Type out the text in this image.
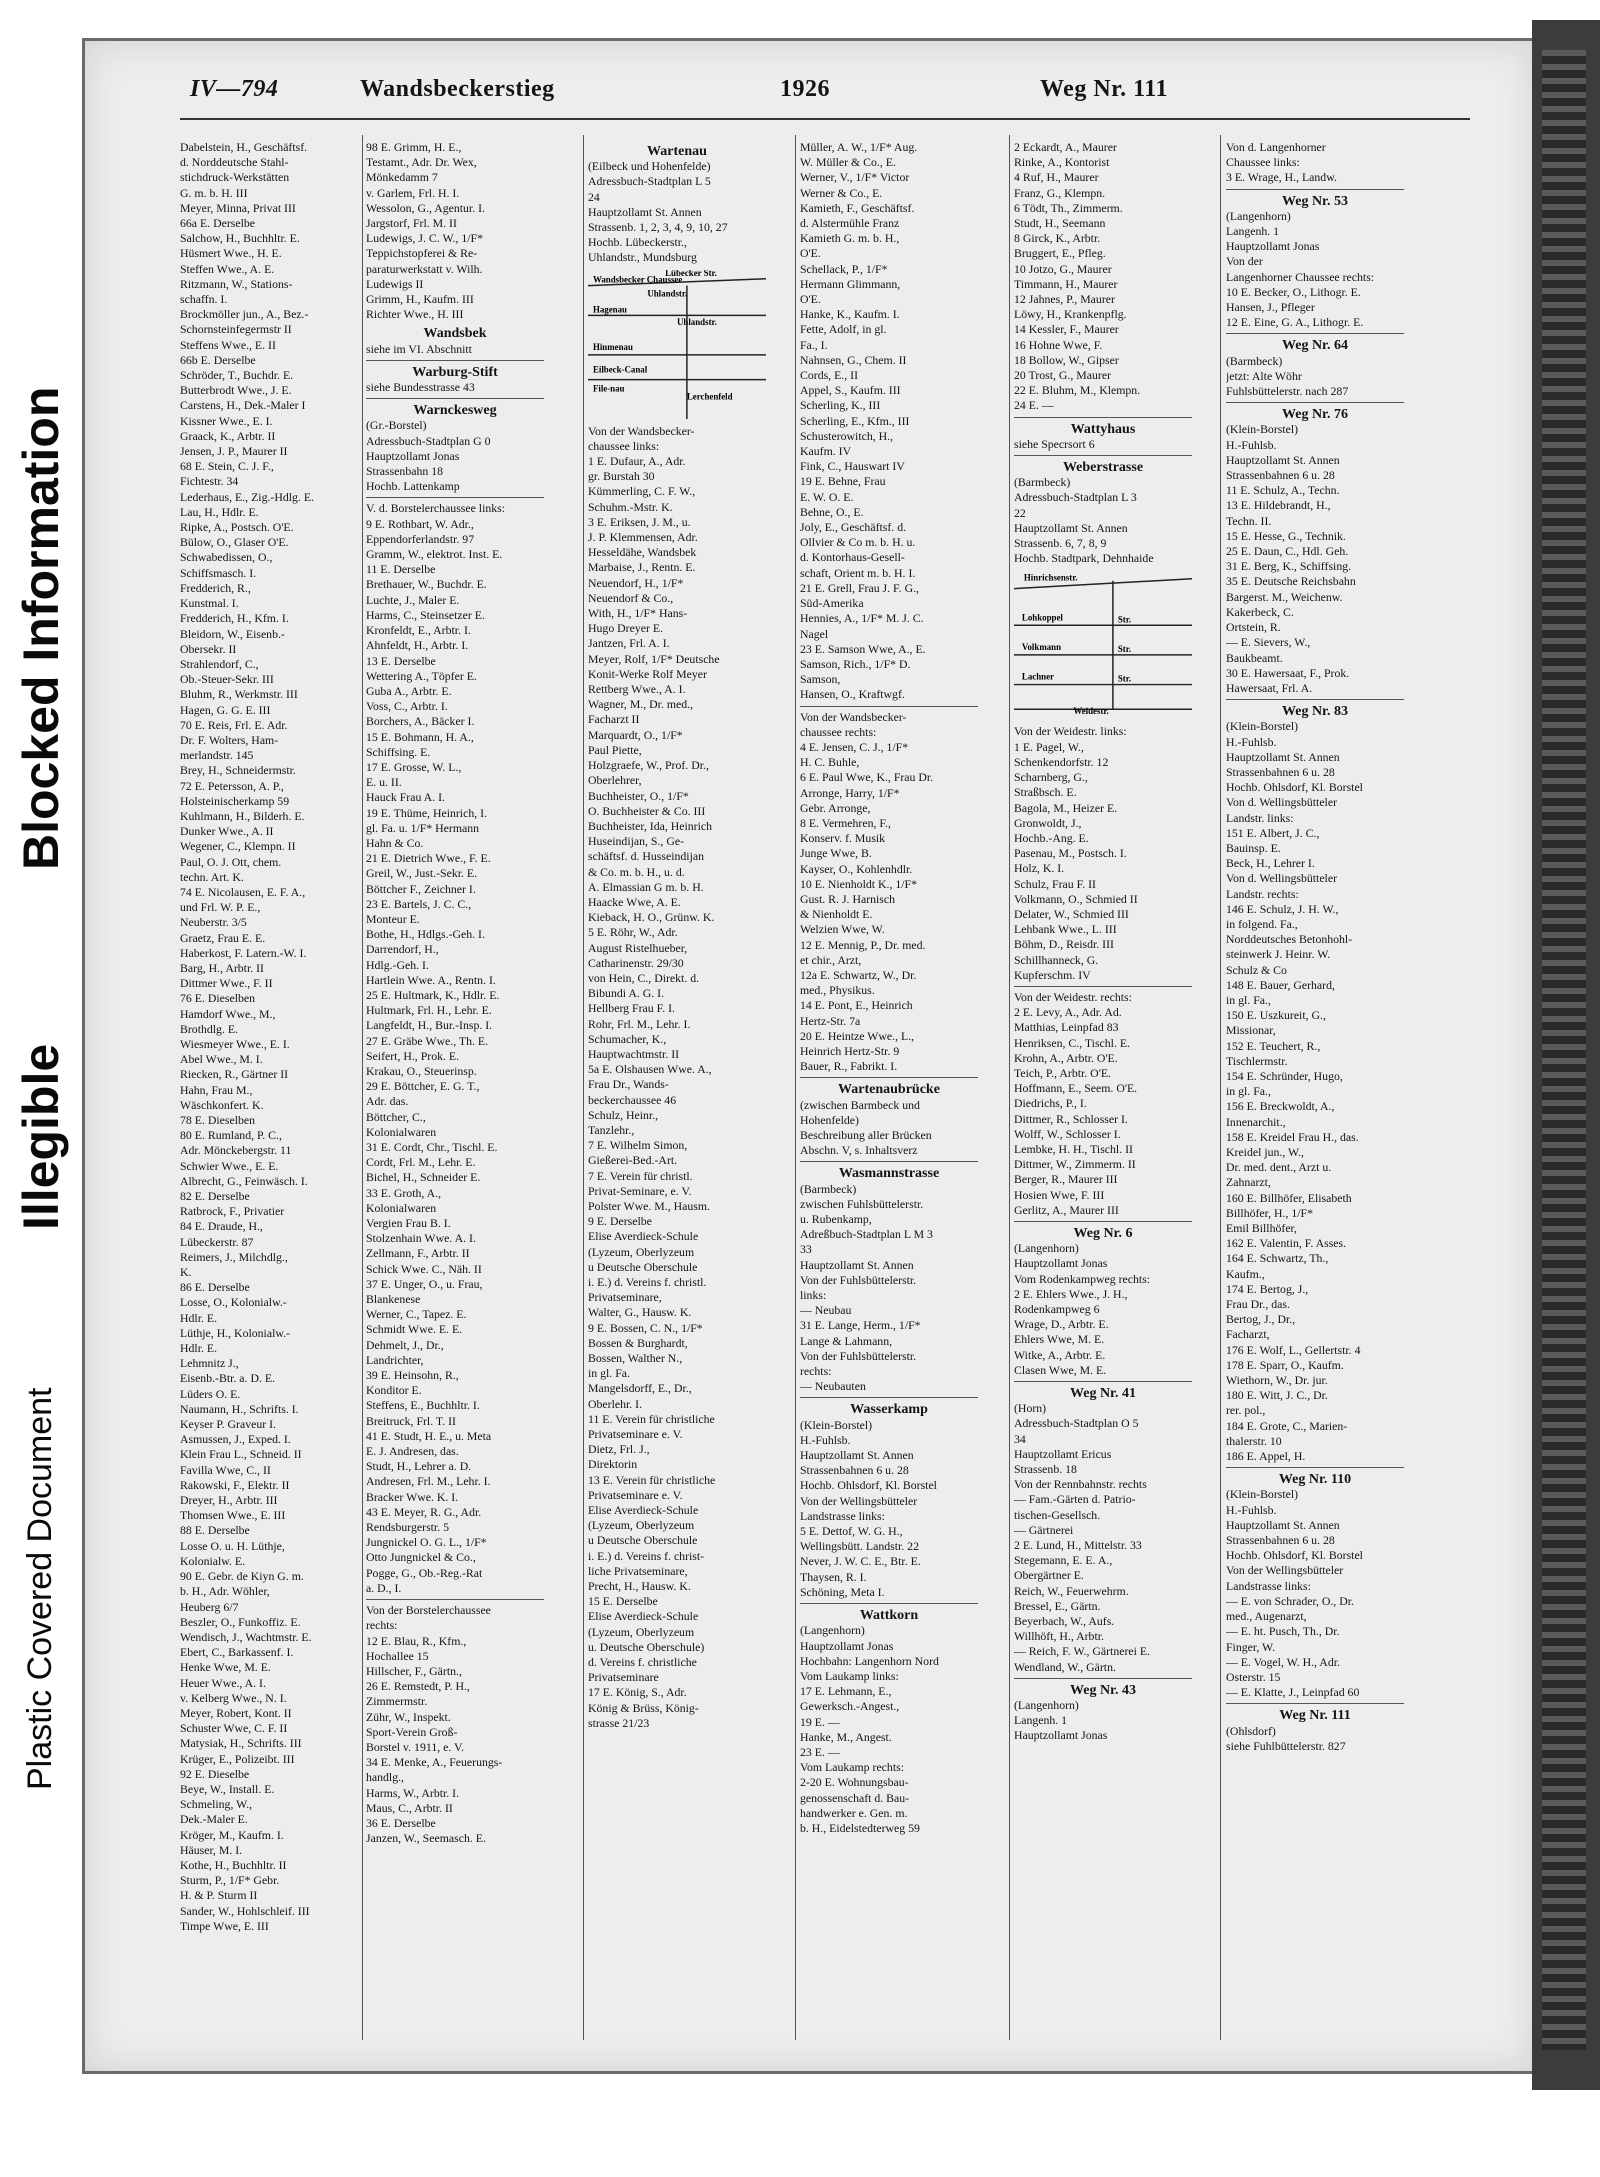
Blocked Information
Illegible
Plastic Covered Document
IV—794	Wandsbeckerstieg	1926	Weg Nr. 111
Dabelstein, H., Geschäftsf.
d. Norddeutsche Stahl-
stichdruck-Werkstätten
G. m. b. H. III
Meyer, Minna, Privat III
66a E. Derselbe
Salchow, H., Buchhltr. E.
Hüsmert Wwe., H. E.
Steffen Wwe., A. E.
Ritzmann, W., Stations-
schaffn. I.
Brockmöller jun., A., Bez.-
Schornsteinfegermstr II
Steffens Wwe., E. II
66b E. Derselbe
Schröder, T., Buchdr. E.
Butterbrodt Wwe., J. E.
Carstens, H., Dek.-Maler I
Kissner Wwe., E. I.
Graack, K., Arbtr. II
Jensen, J. P., Maurer II
68 E. Stein, C. J. F.,
Fichtestr. 34
Lederhaus, E., Zig.-Hdlg. E.
Lau, H., Hdlr. E.
Ripke, A., Postsch. O'E.
Bülow, O., Glaser O'E.
Schwabedissen, O.,
Schiffsmasch. I.
Fredderich, R.,
Kunstmal. I.
Fredderich, H., Kfm. I.
Bleidorn, W., Eisenb.-
Obersekr. II
Strahlendorf, C.,
Ob.-Steuer-Sekr. III
Bluhm, R., Werkmstr. III
Hagen, G. G. E. III
70 E. Reis, Frl. E. Adr.
Dr. F. Wolters, Ham-
merlandstr. 145
Brey, H., Schneidermstr.
72 E. Petersson, A. P.,
Holsteinischerkamp 59
Kuhlmann, H., Bilderh. E.
Dunker Wwe., A. II
Wegener, C., Klempn. II
Paul, O. J. Ott, chem.
techn. Art. K.
74 E. Nicolausen, E. F. A.,
und Frl. W. P. E.,
Neuberstr. 3/5
Graetz, Frau E. E.
Haberkost, F. Latern.-W. I.
Barg, H., Arbtr. II
Dittmer Wwe., F. II
76 E. Dieselben
Hamdorf Wwe., M.,
Brothdlg. E.
Wiesmeyer Wwe., E. I.
Abel Wwe., M. I.
Riecken, R., Gärtner II
Hahn, Frau M.,
Wäschkonfert. K.
78 E. Dieselben
80 E. Rumland, P. C.,
Adr. Mönckebergstr. 11
Schwier Wwe., E. E.
Albrecht, G., Feinwäsch. I.
82 E. Derselbe
Ratbrock, F., Privatier
84 E. Draude, H.,
Lübeckerstr. 87
Reimers, J., Milchdlg.,
K.
86 E. Derselbe
Losse, O., Kolonialw.-
Hdlr. E.
Lüthje, H., Kolonialw.-
Hdlr. E.
Lehmnitz J.,
Eisenb.-Btr. a. D. E.
Lüders O. E.
Naumann, H., Schrifts. I.
Keyser P. Graveur I.
Asmussen, J., Exped. I.
Klein Frau L., Schneid. II
Favilla Wwe, C., II
Rakowski, F., Elektr. II
Dreyer, H., Arbtr. III
Thomsen Wwe., E. III
88 E. Derselbe
Losse O. u. H. Lüthje,
Kolonialw. E.
90 E. Gebr. de Kiyn G. m.
b. H., Adr. Wöhler,
Heuberg 6/7
Beszler, O., Funkoffiz. E.
Wendisch, J., Wachtmstr. E.
Ebert, C., Barkassenf. I.
Henke Wwe, M. E.
Heuer Wwe., A. I.
v. Kelberg Wwe., N. I.
Meyer, Robert, Kont. II
Schuster Wwe, C. F. II
Matysiak, H., Schrifts. III
Krüger, E., Polizeibt. III
92 E. Dieselbe
Beye, W., Install. E.
Schmeling, W.,
Dek.-Maler E.
Kröger, M., Kaufm. I.
Häuser, M. I.
Kothe, H., Buchhltr. II
Sturm, P., 1/F* Gebr.
H. & P. Sturm II
Sander, W., Hohlschleif. III
Timpe Wwe, E. III
98 E. Grimm, H. E.,
Testamt., Adr. Dr. Wex,
Mönkedamm 7
v. Garlem, Frl. H. I.
Wessolon, G., Agentur. I.
Jargstorf, Frl. M. II
Ludewigs, J. C. W., 1/F*
Teppichstopferei & Re-
paraturwerkstatt v. Wilh.
Ludewigs II
Grimm, H., Kaufm. III
Richter Wwe., H. III
Wandsbek
siehe im VI. Abschnitt
Warburg-Stift
siehe Bundesstrasse 43
Warnckesweg
(Gr.-Borstel)
Adressbuch-Stadtplan G 0
Hauptzollamt Jonas
Strassenbahn 18
Hochb. Lattenkamp
V. d. Borstelerchaussee links:
9 E. Rothbart, W. Adr.,
Eppendorferlandstr. 97
Gramm, W., elektrot. Inst. E.
11 E. Derselbe
Brethauer, W., Buchdr. E.
Luchte, J., Maler E.
Harms, C., Steinsetzer E.
Kronfeldt, E., Arbtr. I.
Ahnfeldt, H., Arbtr. I.
13 E. Derselbe
Wettering A., Töpfer E.
Guba A., Arbtr. E.
Voss, C., Arbtr. I.
Borchers, A., Bäcker I.
15 E. Bohmann, H. A.,
Schiffsing. E.
17 E. Grosse, W. L.,
E. u. II.
Hauck Frau A. I.
19 E. Thüme, Heinrich, I.
gl. Fa. u. 1/F* Hermann
Hahn & Co.
21 E. Dietrich Wwe., F. E.
Greil, W., Just.-Sekr. E.
Böttcher F., Zeichner I.
23 E. Bartels, J. C. C.,
Monteur E.
Bothe, H., Hdlgs.-Geh. I.
Darrendorf, H.,
Hdlg.-Geh. I.
Hartlein Wwe. A., Rentn. I.
25 E. Hultmark, K., Hdlr. E.
Hultmark, Frl. H., Lehr. E.
Langfeldt, H., Bur.-Insp. I.
27 E. Gräbe Wwe., Th. E.
Seifert, H., Prok. E.
Krakau, O., Steuerinsp.
29 E. Böttcher, E. G. T.,
Adr. das.
Böttcher, C.,
Kolonialwaren
31 E. Cordt, Chr., Tischl. E.
Cordt, Frl. M., Lehr. E.
Bichel, H., Schneider E.
33 E. Groth, A.,
Kolonialwaren
Vergien Frau B. I.
Stolzenhain Wwe. A. I.
Zellmann, F., Arbtr. II
Schick Wwe. C., Näh. II
37 E. Unger, O., u. Frau,
Blankenese
Werner, C., Tapez. E.
Schmidt Wwe. E. E.
Dehmelt, J., Dr.,
Landrichter,
39 E. Heinsohn, R.,
Konditor E.
Steffens, E., Buchhltr. I.
Breitruck, Frl. T. II
41 E. Studt, H. E., u. Meta
E. J. Andresen, das.
Studt, H., Lehrer a. D.
Andresen, Frl. M., Lehr. I.
Bracker Wwe. K. I.
43 E. Meyer, R. G., Adr.
Rendsburgerstr. 5
Jungnickel O. G. L., 1/F*
Otto Jungnickel & Co.,
Pogge, G., Ob.-Reg.-Rat
a. D., I.
Von der Borstelerchaussee
rechts:
12 E. Blau, R., Kfm.,
Hochallee 15
Hillscher, F., Gärtn.,
26 E. Remstedt, P. H.,
Zimmermstr.
Zühr, W., Inspekt.
Sport-Verein Groß-
Borstel v. 1911, e. V.
34 E. Menke, A., Feuerungs-
handlg.,
Harms, W., Arbtr. I.
Maus, C., Arbtr. II
36 E. Derselbe
Janzen, W., Seemasch. E.
Wartenau
(Eilbeck und Hohenfelde)
Adressbuch-Stadtplan L 5
24
Hauptzollamt St. Annen
Strassenb. 1, 2, 3, 4, 9, 10, 27
Hochb. Lübeckerstr.,
Uhlandstr., Mundsburg
Wandsbecker Chaussee
Lübecker Str.
Hagenau
Uhlandstr.
Hinmenau
Eilbeck-Canal
File-nau
Lerchenfeld
Uhlandstr.
Von der Wandsbecker-
chaussee links:
1 E. Dufaur, A., Adr.
gr. Burstah 30
Kümmerling, C. F. W.,
Schuhm.-Mstr. K.
3 E. Eriksen, J. M., u.
J. P. Klemmensen, Adr.
Hesseldähe, Wandsbek
Marbaise, J., Rentn. E.
Neuendorf, H., 1/F*
Neuendorf & Co.,
With, H., 1/F* Hans-
Hugo Dreyer E.
Jantzen, Frl. A. I.
Meyer, Rolf, 1/F* Deutsche
Konit-Werke Rolf Meyer
Rettberg Wwe., A. I.
Wagner, M., Dr. med.,
Facharzt II
Marquardt, O., 1/F*
Paul Piette,
Holzgraefe, W., Prof. Dr.,
Oberlehrer,
Buchheister, O., 1/F*
O. Buchheister & Co. III
Buchheister, Ida, Heinrich
Huseindijan, S., Ge-
schäftsf. d. Husseindijan
& Co. m. b. H., u. d.
A. Elmassian G m. b. H.
Haacke Wwe, A. E.
Kieback, H. O., Grünw. K.
5 E. Röhr, W., Adr.
August Ristelhueber,
Catharinenstr. 29/30
von Hein, C., Direkt. d.
Bibundi A. G. I.
Hellberg Frau F. I.
Rohr, Frl. M., Lehr. I.
Schumacher, K.,
Hauptwachtmstr. II
5a E. Olshausen Wwe. A.,
Frau Dr., Wands-
beckerchaussee 46
Schulz, Heinr.,
Tanzlehr.,
7 E. Wilhelm Simon,
Gießerei-Bed.-Art.
7 E. Verein für christl.
Privat-Seminare, e. V.
Polster Wwe. M., Hausm.
9 E. Derselbe
Elise Averdieck-Schule
(Lyzeum, Oberlyzeum
u Deutsche Oberschule
i. E.) d. Vereins f. christl.
Privatseminare,
Walter, G., Hausw. K.
9 E. Bossen, C. N., 1/F*
Bossen & Burghardt,
Bossen, Walther N.,
in gl. Fa.
Mangelsdorff, E., Dr.,
Oberlehr. I.
11 E. Verein für christliche
Privatseminare e. V.
Dietz, Frl. J.,
Direktorin
13 E. Verein für christliche
Privatseminare e. V.
Elise Averdieck-Schule
(Lyzeum, Oberlyzeum
u Deutsche Oberschule
i. E.) d. Vereins f. christ-
liche Privatseminare,
Precht, H., Hausw. K.
15 E. Derselbe
Elise Averdieck-Schule
(Lyzeum, Oberlyzeum
u. Deutsche Oberschule)
d. Vereins f. christliche
Privatseminare
17 E. König, S., Adr.
König & Brüss, König-
strasse 21/23
Müller, A. W., 1/F* Aug.
W. Müller & Co., E.
Werner, V., 1/F* Victor
Werner & Co., E.
Kamieth, F., Geschäftsf.
d. Alstermühle Franz
Kamieth G. m. b. H.,
O'E.
Schellack, P., 1/F*
Hermann Glimmann,
O'E.
Hanke, K., Kaufm. I.
Fette, Adolf, in gl.
Fa., I.
Nahnsen, G., Chem. II
Cords, E., II
Appel, S., Kaufm. III
Scherling, K., III
Scherling, E., Kfm., III
Schusterowitch, H.,
Kaufm. IV
Fink, C., Hauswart IV
19 E. Behne, Frau
E. W. O. E.
Behne, O., E.
Joly, E., Geschäftsf. d.
Ollvier & Co m. b. H. u.
d. Kontorhaus-Gesell-
schaft, Orient m. b. H. I.
21 E. Grell, Frau J. F. G.,
Süd-Amerika
Hennies, A., 1/F* M. J. C.
Nagel
23 E. Samson Wwe, A., E.
Samson, Rich., 1/F* D.
Samson,
Hansen, O., Kraftwgf.
Von der Wandsbecker-
chaussee rechts:
4 E. Jensen, C. J., 1/F*
H. C. Buhle,
6 E. Paul Wwe, K., Frau Dr.
Arronge, Harry, 1/F*
Gebr. Arronge,
8 E. Vermehren, F.,
Konserv. f. Musik
Junge Wwe, B.
Kayser, O., Kohlenhdlr.
10 E. Nienholdt K., 1/F*
Gust. R. J. Harnisch
& Nienholdt E.
Welzien Wwe, W.
12 E. Mennig, P., Dr. med.
et chir., Arzt,
12a E. Schwartz, W., Dr.
med., Physikus.
14 E. Pont, E., Heinrich
Hertz-Str. 7a
20 E. Heintze Wwe., L.,
Heinrich Hertz-Str. 9
Bauer, R., Fabrikt. I.
Wartenaubrücke
(zwischen Barmbeck und
Hohenfelde)
Beschreibung aller Brücken
Abschn. V, s. Inhaltsverz
Wasmannstrasse
(Barmbeck)
zwischen Fuhlsbüttelerstr.
u. Rubenkamp,
Adreßbuch-Stadtplan L M 3
33
Hauptzollamt St. Annen
Von der Fuhlsbüttelerstr.
links:
— Neubau
31 E. Lange, Herm., 1/F*
Lange & Lahmann,
Von der Fuhlsbüttelerstr.
rechts:
— Neubauten
Wasserkamp
(Klein-Borstel)
H.-Fuhlsb.
Hauptzollamt St. Annen
Strassenbahnen 6 u. 28
Hochb. Ohlsdorf, Kl. Borstel
Von der Wellingsbütteler
Landstrasse links:
5 E. Dettof, W. G. H.,
Wellingsbütt. Landstr. 22
Never, J. W. C. E., Btr. E.
Thaysen, R. I.
Schöning, Meta I.
Wattkorn
(Langenhorn)
Hauptzollamt Jonas
Hochbahn: Langenhorn Nord
Vom Laukamp links:
17 E. Lehmann, E.,
Gewerksch.-Angest.,
19 E. —
Hanke, M., Angest.
23 E. —
Vom Laukamp rechts:
2-20 E. Wohnungsbau-
genossenschaft d. Bau-
handwerker e. Gen. m.
b. H., Eidelstedterweg 59
2 Eckardt, A., Maurer
Rinke, A., Kontorist
4 Ruf, H., Maurer
Franz, G., Klempn.
6 Tödt, Th., Zimmerm.
Studt, H., Seemann
8 Girck, K., Arbtr.
Bruggert, E., Pfleg.
10 Jotzo, G., Maurer
Timmann, H., Maurer
12 Jahnes, P., Maurer
Löwy, H., Krankenpflg.
14 Kessler, F., Maurer
16 Hohne Wwe, F.
18 Bollow, W., Gipser
20 Trost, G., Maurer
22 E. Bluhm, M., Klempn.
24 E. —
Wattyhaus
siehe Specrsort 6
Weberstrasse
(Barmbeck)
Adressbuch-Stadtplan L 3
22
Hauptzollamt St. Annen
Strassenb. 6, 7, 8, 9
Hochb. Stadtpark, Dehnhaide
Hinrichsenstr.
Lohkoppel	Str.
Volkmann	Str.
Lachner	Str.
Weidestr.
Von der Weidestr. links:
1 E. Pagel, W.,
Schenkendorfstr. 12
Scharnberg, G.,
Straßbsch. E.
Bagola, M., Heizer E.
Gronwoldt, J.,
Hochb.-Ang. E.
Pasenau, M., Postsch. I.
Holz, K. I.
Schulz, Frau F. II
Volkmann, O., Schmied II
Delater, W., Schmied III
Lehbank Wwe., L. III
Böhm, D., Reisdr. III
Schillhanneck, G.
Kupferschm. IV
Von der Weidestr. rechts:
2 E. Levy, A., Adr. Ad.
Matthias, Leinpfad 83
Henriksen, C., Tischl. E.
Krohn, A., Arbtr. O'E.
Teich, P., Arbtr. O'E.
Hoffmann, E., Seem. O'E.
Diedrichs, P., I.
Dittmer, R., Schlosser I.
Wolff, W., Schlosser I.
Lembke, H. H., Tischl. II
Dittmer, W., Zimmerm. II
Berger, R., Maurer III
Hosien Wwe, F. III
Gerlitz, A., Maurer III
Weg Nr. 6
(Langenhorn)
Hauptzollamt Jonas
Vom Rodenkampweg rechts:
2 E. Ehlers Wwe., J. H.,
Rodenkampweg 6
Wrage, D., Arbtr. E.
Ehlers Wwe, M. E.
Witke, A., Arbtr. E.
Clasen Wwe, M. E.
Weg Nr. 41
(Horn)
Adressbuch-Stadtplan O 5
34
Hauptzollamt Ericus
Strassenb. 18
Von der Rennbahnstr. rechts
— Fam.-Gärten d. Patrio-
tischen-Gesellsch.
— Gärtnerei
2 E. Lund, H., Mittelstr. 33
Stegemann, E. E. A.,
Obergärtner E.
Reich, W., Feuerwehrm.
Bressel, E., Gärtn.
Beyerbach, W., Aufs.
Willhöft, H., Arbtr.
— Reich, F. W., Gärtnerei E.
Wendland, W., Gärtn.
Weg Nr. 43
(Langenhorn)
Langenh. 1
Hauptzollamt Jonas
Von d. Langenhorner
Chaussee links:
3 E. Wrage, H., Landw.
Weg Nr. 53
(Langenhorn)
Langenh. 1
Hauptzollamt Jonas
Von der
Langenhorner Chaussee rechts:
10 E. Becker, O., Lithogr. E.
Hansen, J., Pfleger
12 E. Eine, G. A., Lithogr. E.
Weg Nr. 64
(Barmbeck)
jetzt: Alte Wöhr
Fuhlsbüttelerstr. nach 287
Weg Nr. 76
(Klein-Borstel)
H.-Fuhlsb.
Hauptzollamt St. Annen
Strassenbahnen 6 u. 28
11 E. Schulz, A., Techn.
13 E. Hildebrandt, H.,
Techn. II.
15 E. Hesse, G., Technik.
25 E. Daun, C., Hdl. Geh.
31 E. Berg, K., Schiffsing.
35 E. Deutsche Reichsbahn
Bargerst. M., Weichenw.
Kakerbeck, C.
Ortstein, R.
— E. Sievers, W.,
Baukbeamt.
30 E. Hawersaat, F., Prok.
Hawersaat, Frl. A.
Weg Nr. 83
(Klein-Borstel)
H.-Fuhlsb.
Hauptzollamt St. Annen
Strassenbahnen 6 u. 28
Hochb. Ohlsdorf, Kl. Borstel
Von d. Wellingsbütteler
Landstr. links:
151 E. Albert, J. C.,
Bauinsp. E.
Beck, H., Lehrer I.
Von d. Wellingsbütteler
Landstr. rechts:
146 E. Schulz, J. H. W.,
in folgend. Fa.,
Norddeutsches Betonhohl-
steinwerk J. Heinr. W.
Schulz & Co
148 E. Bauer, Gerhard,
in gl. Fa.,
150 E. Uszkureit, G.,
Missionar,
152 E. Teuchert, R.,
Tischlermstr.
154 E. Schründer, Hugo,
in gl. Fa.,
156 E. Breckwoldt, A.,
Innenarchit.,
158 E. Kreidel Frau H., das.
Kreidel jun., W.,
Dr. med. dent., Arzt u.
Zahnarzt,
160 E. Billhöfer, Elisabeth
Billhöfer, H., 1/F*
Emil Billhöfer,
162 E. Valentin, F. Asses.
164 E. Schwartz, Th.,
Kaufm.,
174 E. Bertog, J.,
Frau Dr., das.
Bertog, J., Dr.,
Facharzt,
176 E. Wolf, L., Gellertstr. 4
178 E. Sparr, O., Kaufm.
Wiethorn, W., Dr. jur.
180 E. Witt, J. C., Dr.
rer. pol.,
184 E. Grote, C., Marien-
thalerstr. 10
186 E. Appel, H.
Weg Nr. 110
(Klein-Borstel)
H.-Fuhlsb.
Hauptzollamt St. Annen
Strassenbahnen 6 u. 28
Hochb. Ohlsdorf, Kl. Borstel
Von der Wellingsbütteler
Landstrasse links:
— E. von Schrader, O., Dr.
med., Augenarzt,
— E. ht. Pusch, Th., Dr.
Finger, W.
— E. Vogel, W. H., Adr.
Osterstr. 15
— E. Klatte, J., Leinpfad 60
Weg Nr. 111
(Ohlsdorf)
siehe Fuhlbüttelerstr. 827
